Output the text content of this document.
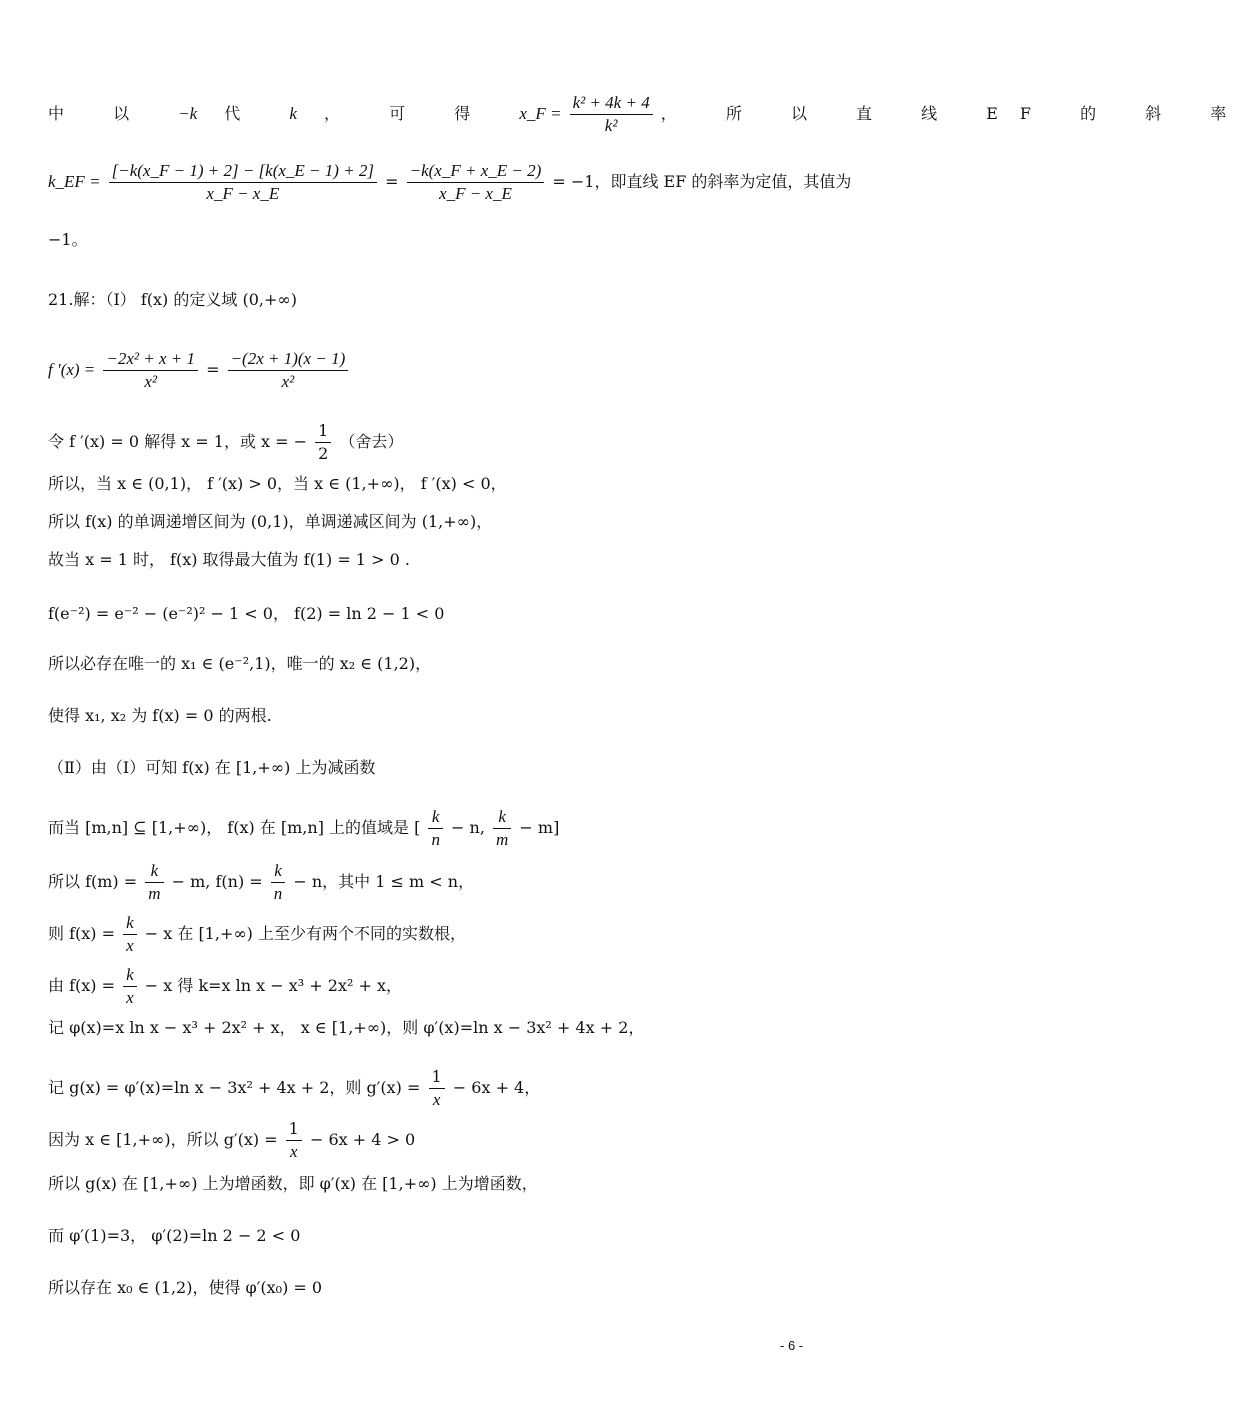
中 以 −k 代 k ， 可 得 x_F = $\frac{\text{k² + 4k + 4}}{\text{k²}}$ ， 所 以 直 线 EF 的 斜 率
k_EF = $\frac{[-k(x\_F - 1) + 2] - [k(x\_E - 1) + 2]}{x\_F - x\_E} = \frac{-k(x\_F + x\_E - 2)}{x\_F - x\_E} = -1$，即直线 EF 的斜率为定值，其值为
−1。
21.解：（Ⅰ） f(x) 的定义域 (0,+∞)
f $'(x) = \frac{\text{−2x² + x + 1}}{\text{x²}} = \frac{-(2x + 1)(x - 1)}{\text{x²}}$
令 f ′(x) = 0 解得 x = 1，或 x = − $\frac{1}{2}$ （舍去）
所以，当 x ∈ (0,1)， f ′(x) > 0，当 x ∈ (1,+∞)， f ′(x) < 0，
所以 f(x) 的单调递增区间为 (0,1)，单调递减区间为 (1,+∞)，
故当 x = 1 时， f(x) 取得最大值为 f(1) = 1 > 0 .
f(e⁻²) = e⁻² − (e⁻²)² − 1 < 0， f(2) = ln 2 − 1 < 0
所以必存在唯一的 x₁ ∈ (e⁻²,1)，唯一的 x₂ ∈ (1,2)，
使得 x₁, x₂ 为 f(x) = 0 的两根.
（Ⅱ）由（Ⅰ）可知 f(x) 在 [1,+∞) 上为减函数
而当 [m,n] ⊆ [1,+∞)， f(x) 在 [m,n] 上的值域是 [ $\frac{k}{n} - n$, $\frac{k}{m} - m$]
所以 $f(m) = \frac{k}{m} - m$, $f(n) = \frac{k}{n} - n$，其中 1 ≤ m < n，
则 $f(x) = \frac{k}{x} - x$ 在 [1,+∞) 上至少有两个不同的实数根，
由 $f(x) = \frac{k}{x} - x$ 得 k=x ln x − x³ + 2x² + x，
记 φ(x)=x ln x − x³ + 2x² + x， x ∈ [1,+∞)，则 φ′(x)=ln x − 3x² + 4x + 2，
记 g(x) = φ′(x)=ln x − 3x² + 4x + 2，则 $g'(x) = \frac{1}{x} - 6x + 4$，
因为 x ∈ [1,+∞)，所以 $g'(x) = \frac{1}{x} - 6x + 4 > 0$
所以 g(x) 在 [1,+∞) 上为增函数，即 φ′(x) 在 [1,+∞) 上为增函数，
而 φ′(1)=3， φ′(2)=ln 2 − 2 < 0
所以存在 x₀ ∈ (1,2)，使得 φ′(x₀) = 0
- 6 -
